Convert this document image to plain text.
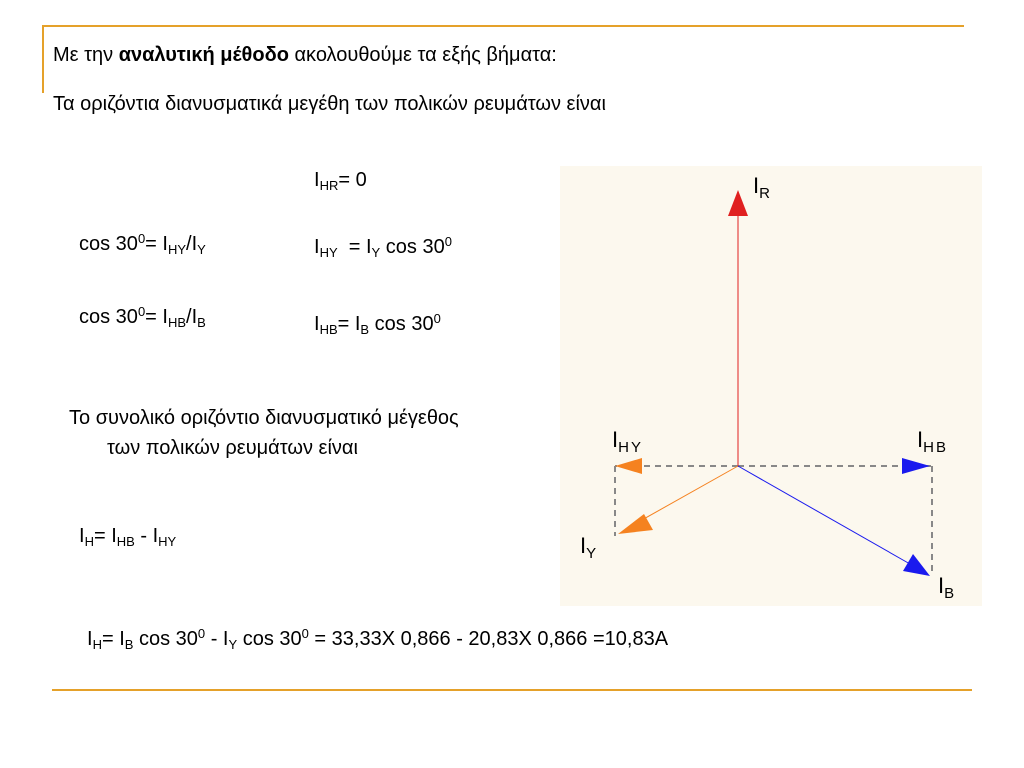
Με την αναλυτική μέθοδο ακολουθούμε τα εξής βήματα:
Τα οριζόντια διανυσματικά μεγέθη των πολικών ρευμάτων είναι
$I_{HR}= 0$
$\cos 30^0= I_{HY}/I_Y$	$I_{HY} = I_Y$ $\cos 30^0$
$\cos 30^0= I_{HB}/I_B$	$I_{HB}= I_B$ $\cos 30^0$
Το συνολικό οριζόντιο διανυσματικό μέγεθος
των πολικών ρευμάτων είναι
$I_H= I_{HB} - I_{HY}$
$I_R$
$I_{HY}$	$I_{HB}$
$I_Y$
$I_B$
$I_H= I_B$ $\cos 30^0 - I_Y$ $\cos 30^0 = 33,33X$ 0,866 - 20,83X 0,866 =10,83A
